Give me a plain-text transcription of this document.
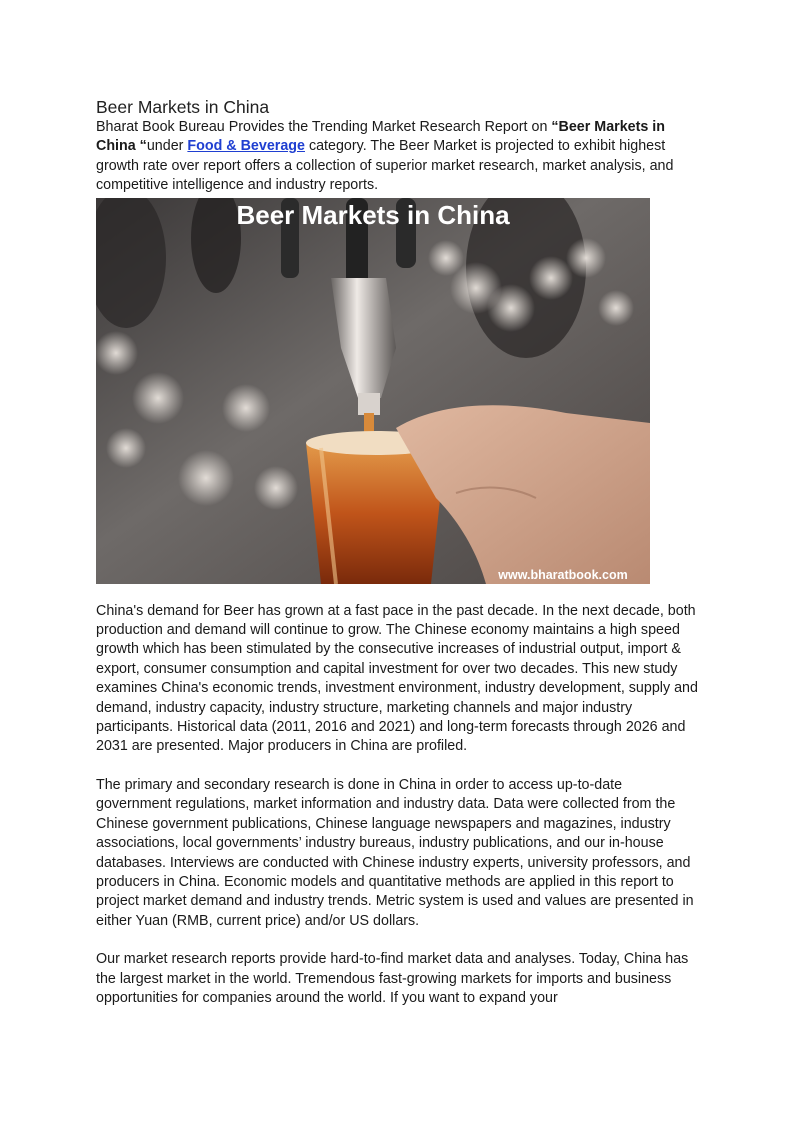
Beer Markets in China

Bharat Book Bureau Provides the Trending Market Research Report on “Beer Markets in China “under Food & Beverage category. The Beer Market is projected to exhibit highest growth rate over report offers a collection of superior market research, market analysis, and competitive intelligence and industry reports.

Beer Markets in China
www.bharatbook.com

China's demand for Beer has grown at a fast pace in the past decade. In the next decade, both production and demand will continue to grow. The Chinese economy maintains a high speed growth which has been stimulated by the consecutive increases of industrial output, import & export, consumer consumption and capital investment for over two decades. This new study examines China's economic trends, investment environment, industry development, supply and demand, industry capacity, industry structure, marketing channels and major industry participants. Historical data (2011, 2016 and 2021) and long-term forecasts through 2026 and 2031 are presented. Major producers in China are profiled.

The primary and secondary research is done in China in order to access up-to-date government regulations, market information and industry data. Data were collected from the Chinese government publications, Chinese language newspapers and magazines, industry associations, local governments’ industry bureaus, industry publications, and our in-house databases. Interviews are conducted with Chinese industry experts, university professors, and producers in China. Economic models and quantitative methods are applied in this report to project market demand and industry trends. Metric system is used and values are presented in either Yuan (RMB, current price) and/or US dollars.

Our market research reports provide hard-to-find market data and analyses. Today, China has the largest market in the world. Tremendous fast-growing markets for imports and business opportunities for companies around the world. If you want to expand your
